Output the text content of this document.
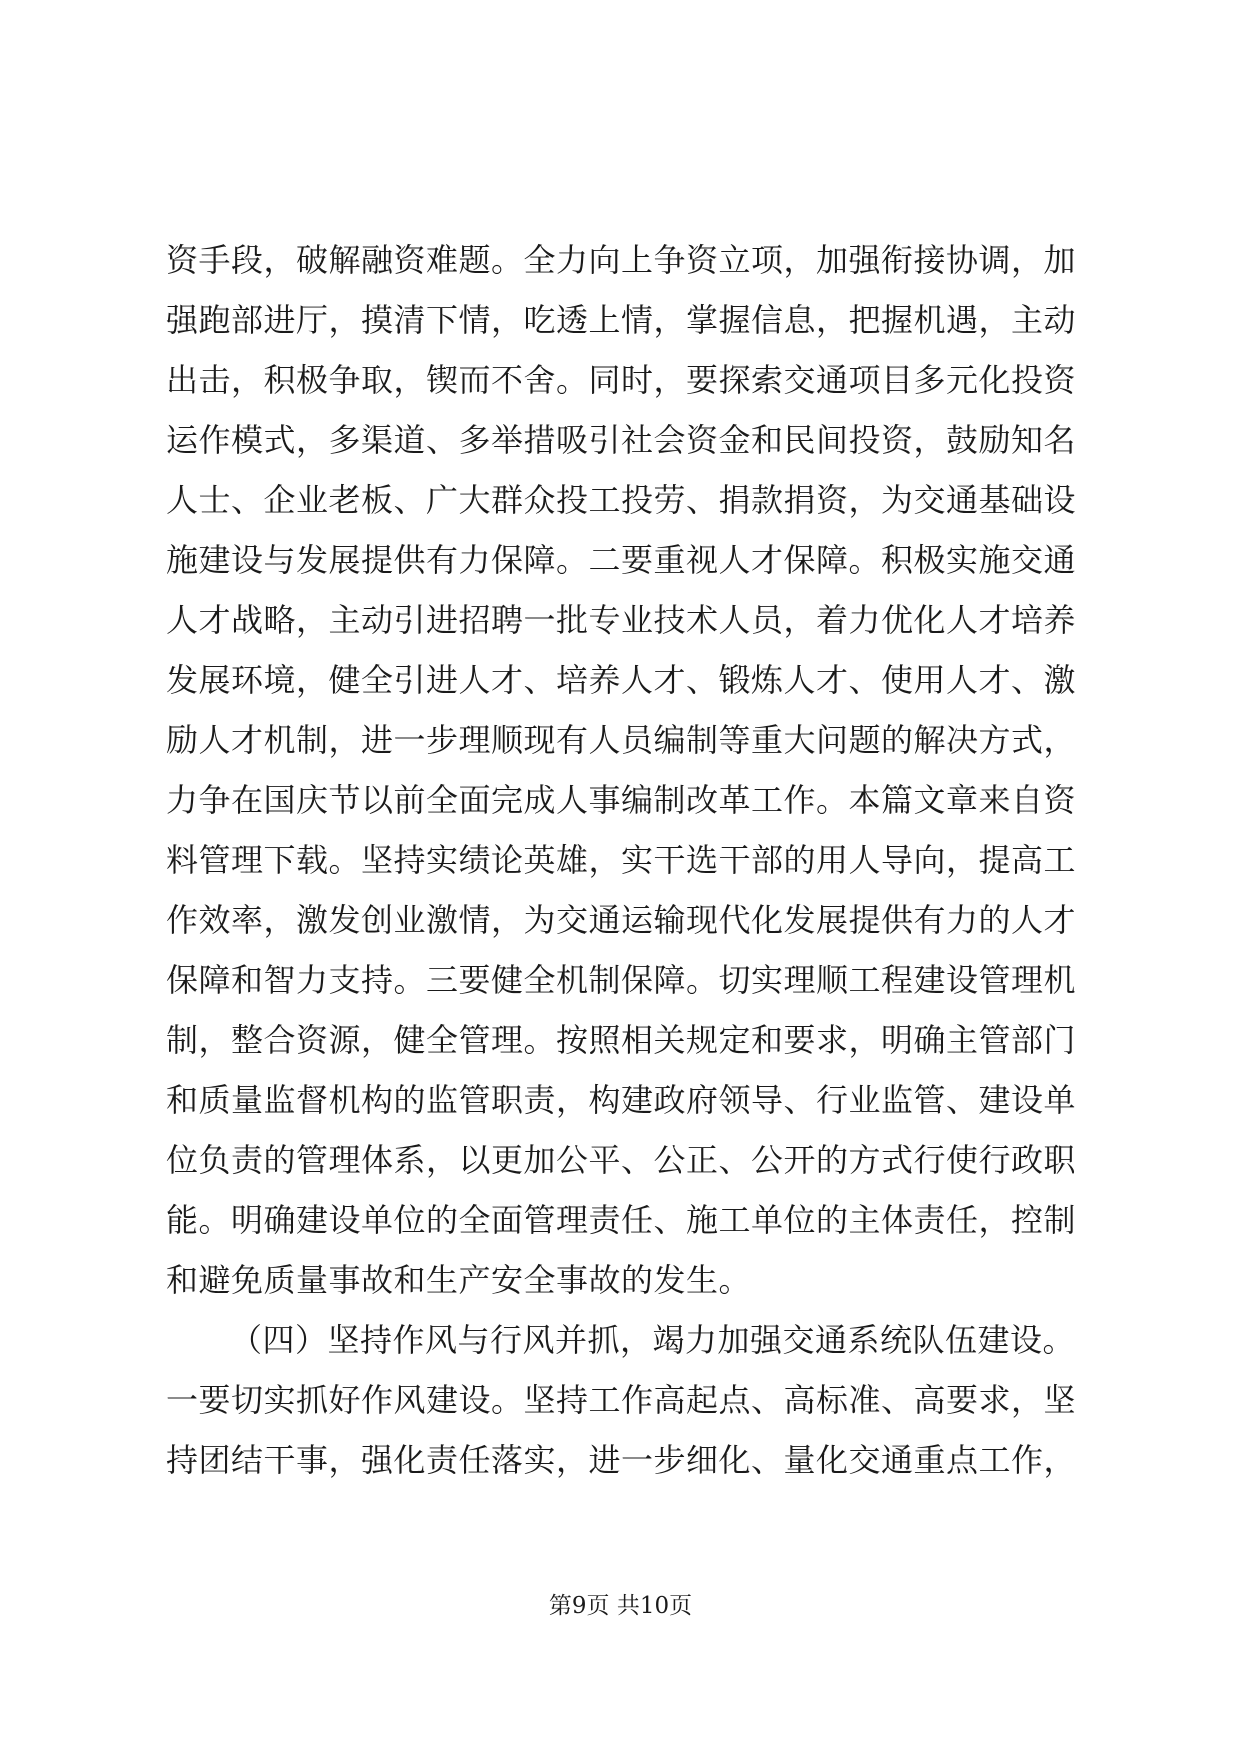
资手段，破解融资难题。全力向上争资立项，加强衔接协调，加
强跑部进厅，摸清下情，吃透上情，掌握信息，把握机遇，主动
出击，积极争取，锲而不舍。同时，要探索交通项目多元化投资
运作模式，多渠道、多举措吸引社会资金和民间投资，鼓励知名
人士、企业老板、广大群众投工投劳、捐款捐资，为交通基础设
施建设与发展提供有力保障。二要重视人才保障。积极实施交通
人才战略，主动引进招聘一批专业技术人员，着力优化人才培养
发展环境，健全引进人才、培养人才、锻炼人才、使用人才、激
励人才机制，进一步理顺现有人员编制等重大问题的解决方式，
力争在国庆节以前全面完成人事编制改革工作。本篇文章来自资
料管理下载。坚持实绩论英雄，实干选干部的用人导向，提高工
作效率，激发创业激情，为交通运输现代化发展提供有力的人才
保障和智力支持。三要健全机制保障。切实理顺工程建设管理机
制，整合资源，健全管理。按照相关规定和要求，明确主管部门
和质量监督机构的监管职责，构建政府领导、行业监管、建设单
位负责的管理体系，以更加公平、公正、公开的方式行使行政职
能。明确建设单位的全面管理责任、施工单位的主体责任，控制
和避免质量事故和生产安全事故的发生。
（四）坚持作风与行风并抓，竭力加强交通系统队伍建设。
一要切实抓好作风建设。坚持工作高起点、高标准、高要求，坚
持团结干事，强化责任落实，进一步细化、量化交通重点工作，
第9页 共10页
